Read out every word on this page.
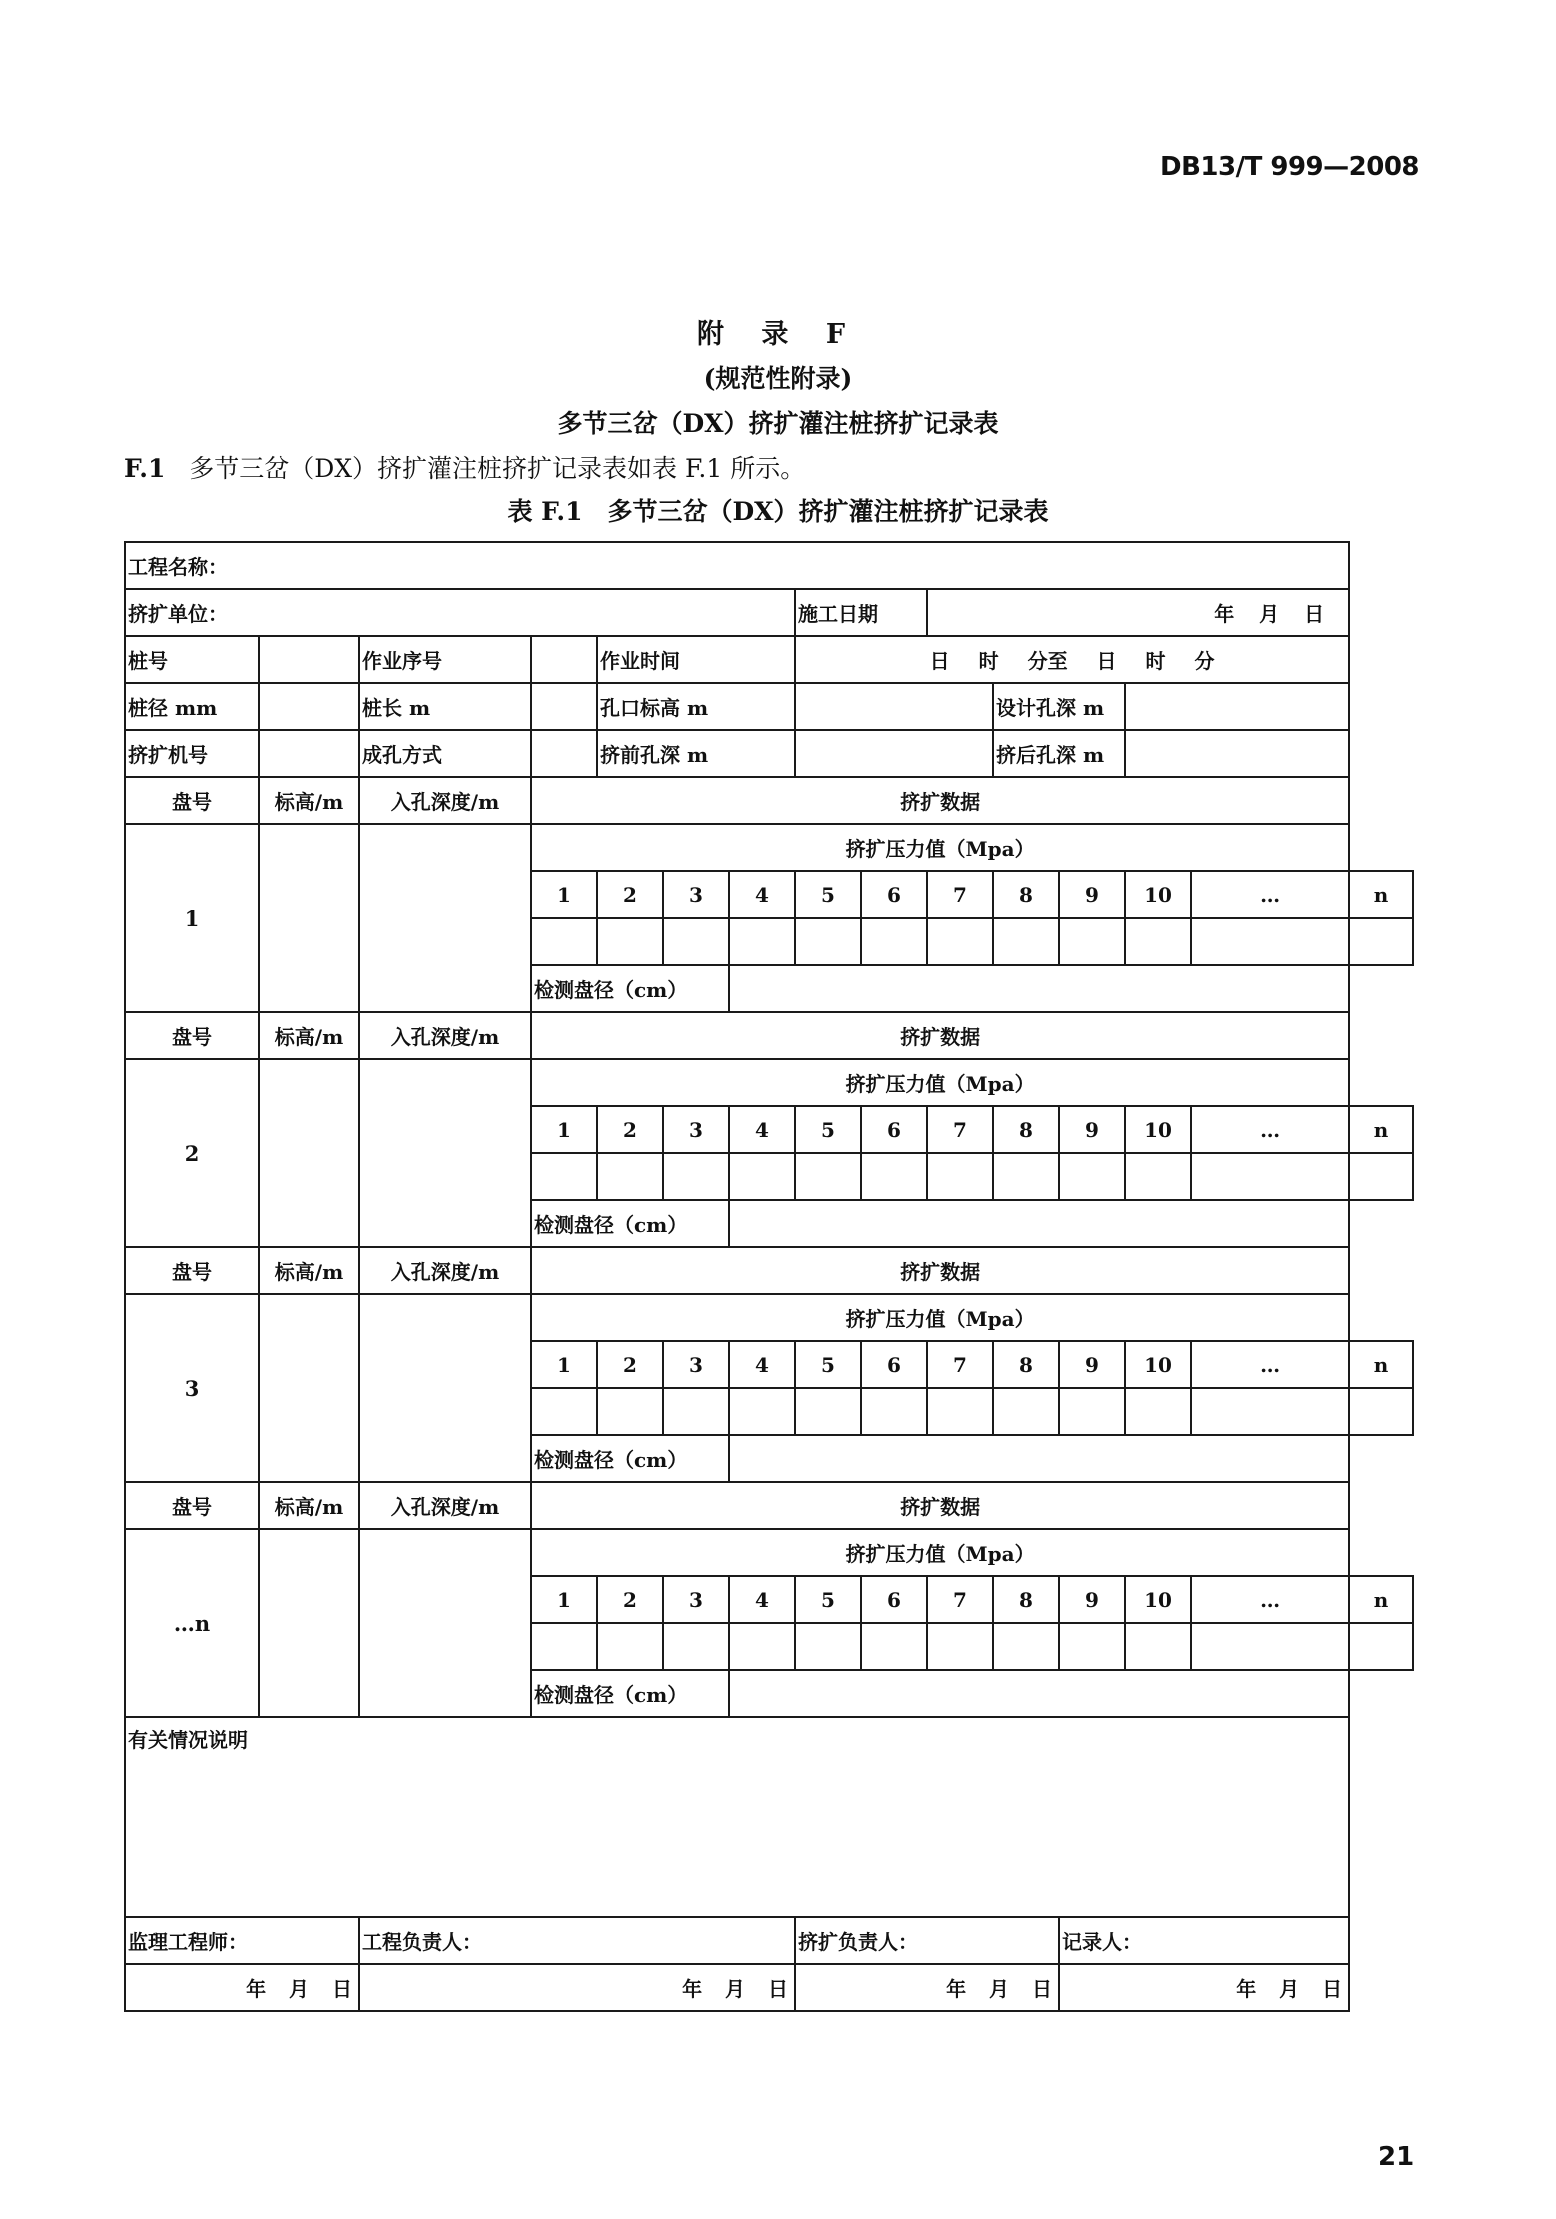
DB13/T 999—2008
附 录 F
(规范性附录)
多节三岔（DX）挤扩灌注桩挤扩记录表
F.1 多节三岔（DX）挤扩灌注桩挤扩记录表如表 F.1 所示。
表 F.1　多节三岔（DX）挤扩灌注桩挤扩记录表
工程名称：														
挤扩单位：							施工日期		年 月 日					
桩号		作业序号		作业时间			日 时 分至 日 时 分							
桩径 mm		桩长 m		孔口标高 m						设计孔深 m				
挤扩机号		成孔方式		挤前孔深 m						挤后孔深 m				
盘号	标高/m	入孔深度/m	挤扩数据											
1			挤扩压力值（Mpa）											
			1	2	3	4	5	6	7	8	9	10	…	n

			检测盘径（cm）											
盘号	标高/m	入孔深度/m	挤扩数据											
2			挤扩压力值（Mpa）											
			1	2	3	4	5	6	7	8	9	10	…	n

			检测盘径（cm）											
盘号	标高/m	入孔深度/m	挤扩数据											
3			挤扩压力值（Mpa）											
			1	2	3	4	5	6	7	8	9	10	…	n

			检测盘径（cm）											
盘号	标高/m	入孔深度/m	挤扩数据											
…n			挤扩压力值（Mpa）											
			1	2	3	4	5	6	7	8	9	10	…	n

			检测盘径（cm）											
有关情况说明														
监理工程师：		工程负责人：					挤扩负责人：				记录人：			
年 月 日		年 月 日					年 月 日				年 月 日			
21
